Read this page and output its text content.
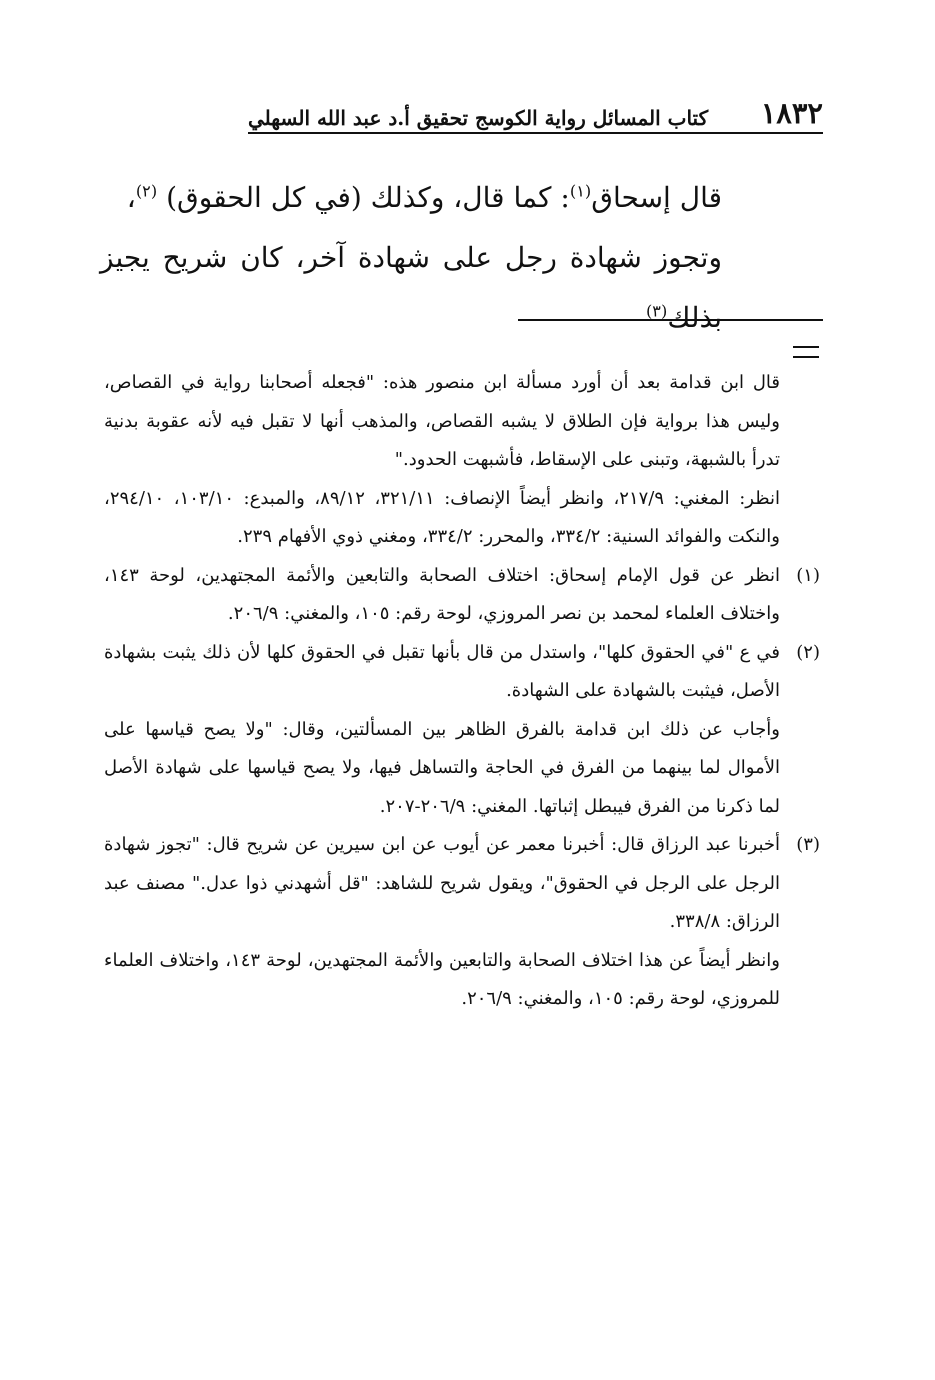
١٨٣٢
كتاب المسائل رواية الكوسج تحقيق أ.د عبد الله السهلي

قال إسحاق$^{(١)}$: كما قال، وكذلك (في كل الحقوق) $^{(٢)}$،

وتجوز شهادة رجل على شهادة آخر، كان شريح يجيز بذلك$^{(٣)}$

قال ابن قدامة بعد أن أورد مسألة ابن منصور هذه: "فجعله أصحابنا رواية في القصاص، وليس هذا برواية فإن الطلاق لا يشبه القصاص، والمذهب أنها لا تقبل فيه لأنه عقوبة بدنية تدرأ بالشبهة، وتبنى على الإسقاط، فأشبهت الحدود."

انظر: المغني: ٢١٧/٩، وانظر أيضاً الإنصاف: ٣٢١/١١، ٨٩/١٢، والمبدع: ١٠٣/١٠، ٢٩٤/١٠، والنكت والفوائد السنية: ٣٣٤/٢، والمحرر: ٣٣٤/٢، ومغني ذوي الأفهام ٢٣٩.

(١)

انظر عن قول الإمام إسحاق: اختلاف الصحابة والتابعين والأئمة المجتهدين، لوحة ١٤٣، واختلاف العلماء لمحمد بن نصر المروزي، لوحة رقم: ١٠٥، والمغني: ٢٠٦/٩.

(٢)

في ع "في الحقوق كلها"، واستدل من قال بأنها تقبل في الحقوق كلها لأن ذلك يثبت بشهادة الأصل، فيثبت بالشهادة على الشهادة.

وأجاب عن ذلك ابن قدامة بالفرق الظاهر بين المسألتين، وقال: "ولا يصح قياسها على الأموال لما بينهما من الفرق في الحاجة والتساهل فيها، ولا يصح قياسها على شهادة الأصل لما ذكرنا من الفرق فيبطل إثباتها. المغني: ٢٠٦/٩-٢٠٧.

(٣)

أخبرنا عبد الرزاق قال: أخبرنا معمر عن أيوب عن ابن سيرين عن شريح قال: "تجوز شهادة الرجل على الرجل في الحقوق"، ويقول شريح للشاهد: "قل أشهدني ذوا عدل." مصنف عبد الرزاق: ٣٣٨/٨.

وانظر أيضاً عن هذا اختلاف الصحابة والتابعين والأئمة المجتهدين، لوحة ١٤٣، واختلاف العلماء للمروزي، لوحة رقم: ١٠٥، والمغني: ٢٠٦/٩.
